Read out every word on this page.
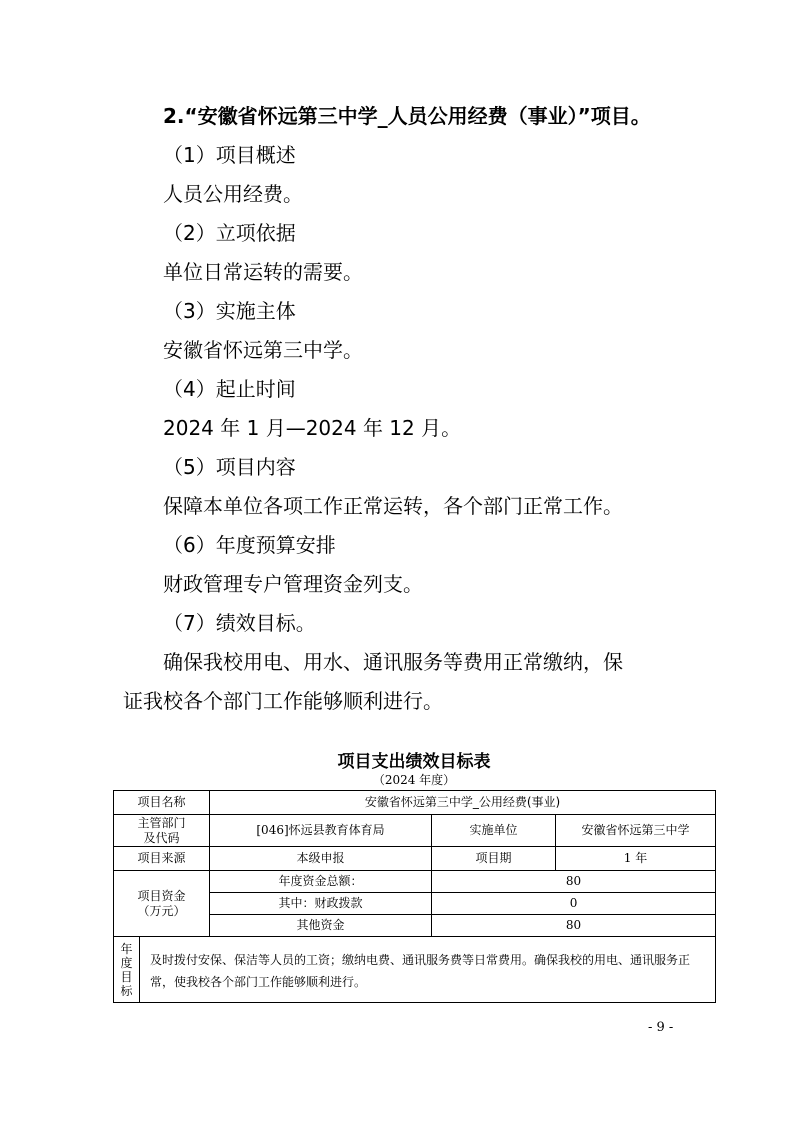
2.“安徽省怀远第三中学_人员公用经费（事业）”项目。
（1）项目概述
人员公用经费。
（2）立项依据
单位日常运转的需要。
（3）实施主体
安徽省怀远第三中学。
（4）起止时间
2024 年 1 月—2024 年 12 月。
（5）项目内容
保障本单位各项工作正常运转，各个部门正常工作。
（6）年度预算安排
财政管理专户管理资金列支。
（7）绩效目标。
确保我校用电、用水、通讯服务等费用正常缴纳，保
证我校各个部门工作能够顺利进行。
项目支出绩效目标表
（2024 年度）
项目名称		安徽省怀远第三中学_公用经费(事业)		

主管部门
及代码		[046]怀远县教育体育局	实施单位	安徽省怀远第三中学
项目来源		本级申报	项目期	1 年

项目资金
（万元）		年度资金总额：	80	
		其中：财政拨款	0	
		其他资金	80	

年
度
目
标	及时拨付安保、保洁等人员的工资；缴纳电费、通讯服务费等日常费用。确保我校的用电、通讯服务正常，使我校各个部门工作能够顺利进行。			
- 9 -
